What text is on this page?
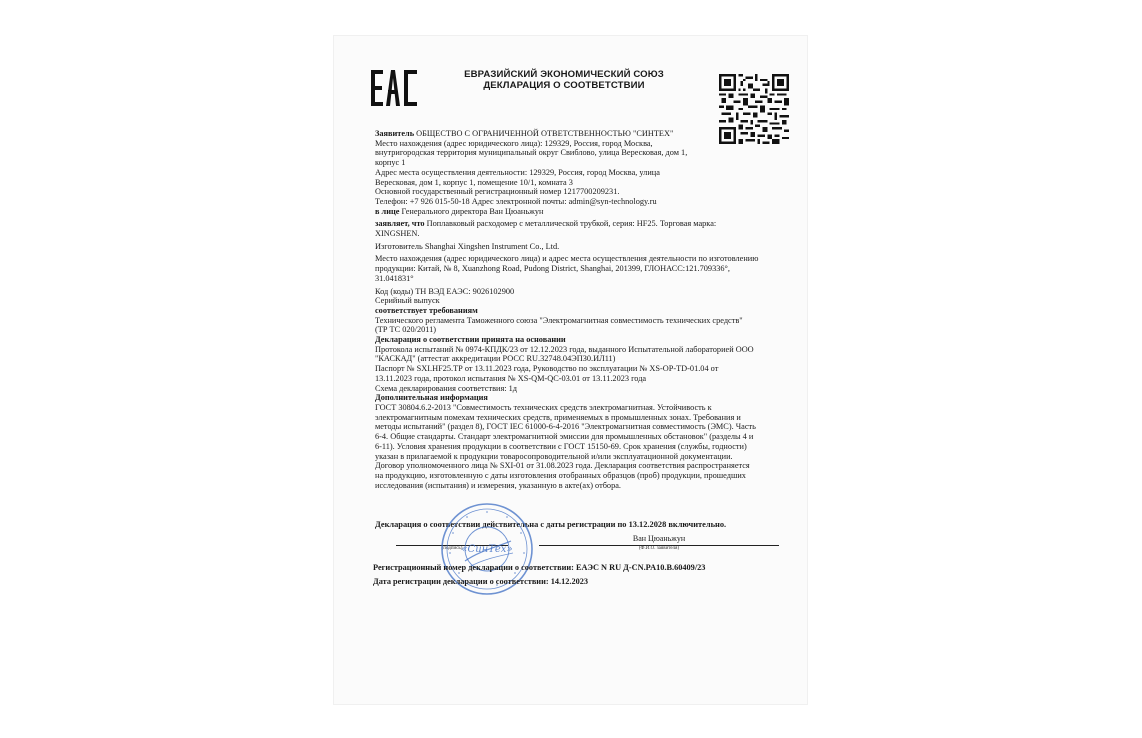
ЕВРАЗИЙСКИЙ ЭКОНОМИЧЕСКИЙ СОЮЗ
ДЕКЛАРАЦИЯ О СООТВЕТСТВИИ

Заявитель ОБЩЕСТВО С ОГРАНИЧЕННОЙ ОТВЕТСТВЕННОСТЬЮ "СИНТЕХ"

Место нахождения (адрес юридического лица): 129329, Россия, город Москва,

внутригородская территория муниципальный округ Свиблово, улица Вересковая, дом 1,

корпус 1

Адрес места осуществления деятельности: 129329, Россия, город Москва, улица

Вересковая, дом 1, корпус 1, помещение 10/1, комната 3

Основной государственный регистрационный номер 1217700209231.

Телефон: +7 926 015-50-18 Адрес электронной почты: admin@syn-technology.ru

в лице Генерального директора Ван Цюаньжун

заявляет, что Поплавковый расходомер с металлической трубкой, серия: HF25. Торговая марка:

XINGSHEN.

Изготовитель Shanghai Xingshen Instrument Co., Ltd.

Место нахождения (адрес юридического лица) и адрес места осуществления деятельности по изготовлению

продукции: Китай, № 8, Xuanzhong Road, Pudong District, Shanghai, 201399, ГЛОНАСС:121.709336°,

31.041831°

Код (коды) ТН ВЭД ЕАЭС: 9026102900

Серийный выпуск

соответствует требованиям

Технического регламента Таможенного союза "Электромагнитная совместимость технических средств"

(ТР ТС 020/2011)

Декларация о соответствии принята на основании

Протокола испытаний № 0974-КПДК/23 от 12.12.2023 года, выданного Испытательной лабораторией ООО

"КАСКАД" (аттестат аккредитации РОСС RU.32748.04ЭПЗ0.ИЛ11)

Паспорт № SXI.HF25.ТР от 13.11.2023 года, Руководство по эксплуатации № XS-OP-TD-01.04 от

13.11.2023 года, протокол испытания № XS-QM-QC-03.01 от 13.11.2023 года

Схема декларирования соответствия: 1д

Дополнительная информация

ГОСТ 30804.6.2-2013 "Совместимость технических средств электромагнитная. Устойчивость к

электромагнитным помехам технических средств, применяемых в промышленных зонах. Требования и

методы испытаний" (раздел 8), ГОСТ IEC 61000-6-4-2016 "Электромагнитная совместимость (ЭМС). Часть

6-4. Общие стандарты. Стандарт электромагнитной эмиссии для промышленных обстановок" (разделы 4 и

6-11). Условия хранения продукции в соответствии с ГОСТ 15150-69. Срок хранения (службы, годности)

указан в прилагаемой к продукции товаросопроводительной и/или эксплуатационной документации.

Договор уполномоченного лица № SXI-01 от 31.08.2023 года. Декларация соответствия распространяется

на продукцию, изготовленную с даты изготовления отобранных образцов (проб) продукции, прошедших

исследования (испытания) и измерения, указанную в акте(ах) отбора.

Декларация о соответствии действительна с даты регистрации по 13.12.2028 включительно.
Ван Цюаньжун
(подпись)	(Ф.И.О. заявителя)
«СинТех»
Регистрационный номер декларации о соответствии: ЕАЭС N RU Д-CN.PA10.B.60409/23
Дата регистрации декларации о соответствии: 14.12.2023
